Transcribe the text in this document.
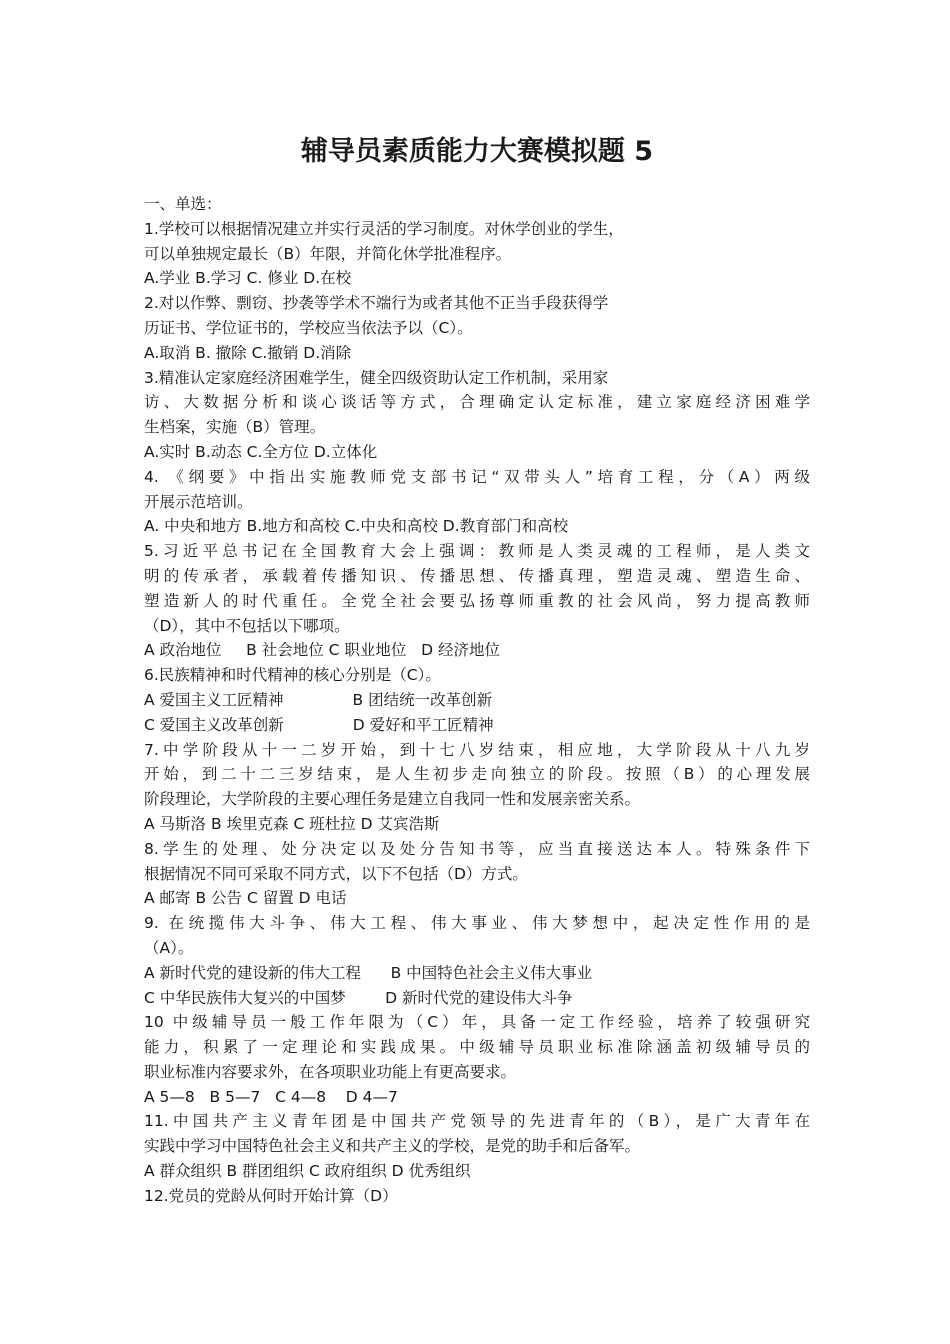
辅导员素质能力大赛模拟题 5
一、单选：
1.学校可以根据情况建立并实行灵活的学习制度。对休学创业的学生，
可以单独规定最长（B）年限，并简化休学批准程序。
A.学业 B.学习 C. 修业 D.在校
2.对以作弊、剽窃、抄袭等学术不端行为或者其他不正当手段获得学
历证书、学位证书的，学校应当依法予以（C）。
A.取消 B. 撤除 C.撤销 D.消除
3.精准认定家庭经济困难学生，健全四级资助认定工作机制，采用家
访、大数据分析和谈心谈话等方式，合理确定认定标准，建立家庭经济困难学
生档案，实施（B）管理。
A.实时 B.动态 C.全方位 D.立体化
4. 《纲要》中指出实施教师党支部书记“双带头人”培育工程，分（A）两级
开展示范培训。
A. 中央和地方 B.地方和高校 C.中央和高校 D.教育部门和高校
5.习近平总书记在全国教育大会上强调：教师是人类灵魂的工程师，是人类文
明的传承者，承载着传播知识、传播思想、传播真理，塑造灵魂、塑造生命、
塑造新人的时代重任。全党全社会要弘扬尊师重教的社会风尚，努力提高教师
（D），其中不包括以下哪项。
A 政治地位     B 社会地位 C 职业地位   D 经济地位
6.民族精神和时代精神的核心分别是（C）。
A 爱国主义工匠精神              B 团结统一改革创新
C 爱国主义改革创新              D 爱好和平工匠精神
7.中学阶段从十一二岁开始，到十七八岁结束，相应地，大学阶段从十八九岁
开始，到二十二三岁结束，是人生初步走向独立的阶段。按照（B）的心理发展
阶段理论，大学阶段的主要心理任务是建立自我同一性和发展亲密关系。
A 马斯洛 B 埃里克森 C 班杜拉 D 艾宾浩斯
8.学生的处理、处分决定以及处分告知书等，应当直接送达本人。特殊条件下
根据情况不同可采取不同方式，以下不包括（D）方式。
A 邮寄 B 公告 C 留置 D 电话
9. 在统揽伟大斗争、伟大工程、伟大事业、伟大梦想中，起决定性作用的是
（A）。
A 新时代党的建设新的伟大工程      B 中国特色社会主义伟大事业
C 中华民族伟大复兴的中国梦        D 新时代党的建设伟大斗争
10 中级辅导员一般工作年限为（C）年，具备一定工作经验，培养了较强研究
能力，积累了一定理论和实践成果。中级辅导员职业标准除涵盖初级辅导员的
职业标准内容要求外，在各项职业功能上有更高要求。
A 5—8   B 5—7   C 4—8    D 4—7
11.中国共产主义青年团是中国共产党领导的先进青年的（B），是广大青年在
实践中学习中国特色社会主义和共产主义的学校，是党的助手和后备军。
A 群众组织 B 群团组织 C 政府组织 D 优秀组织
12.党员的党龄从何时开始计算（D）
